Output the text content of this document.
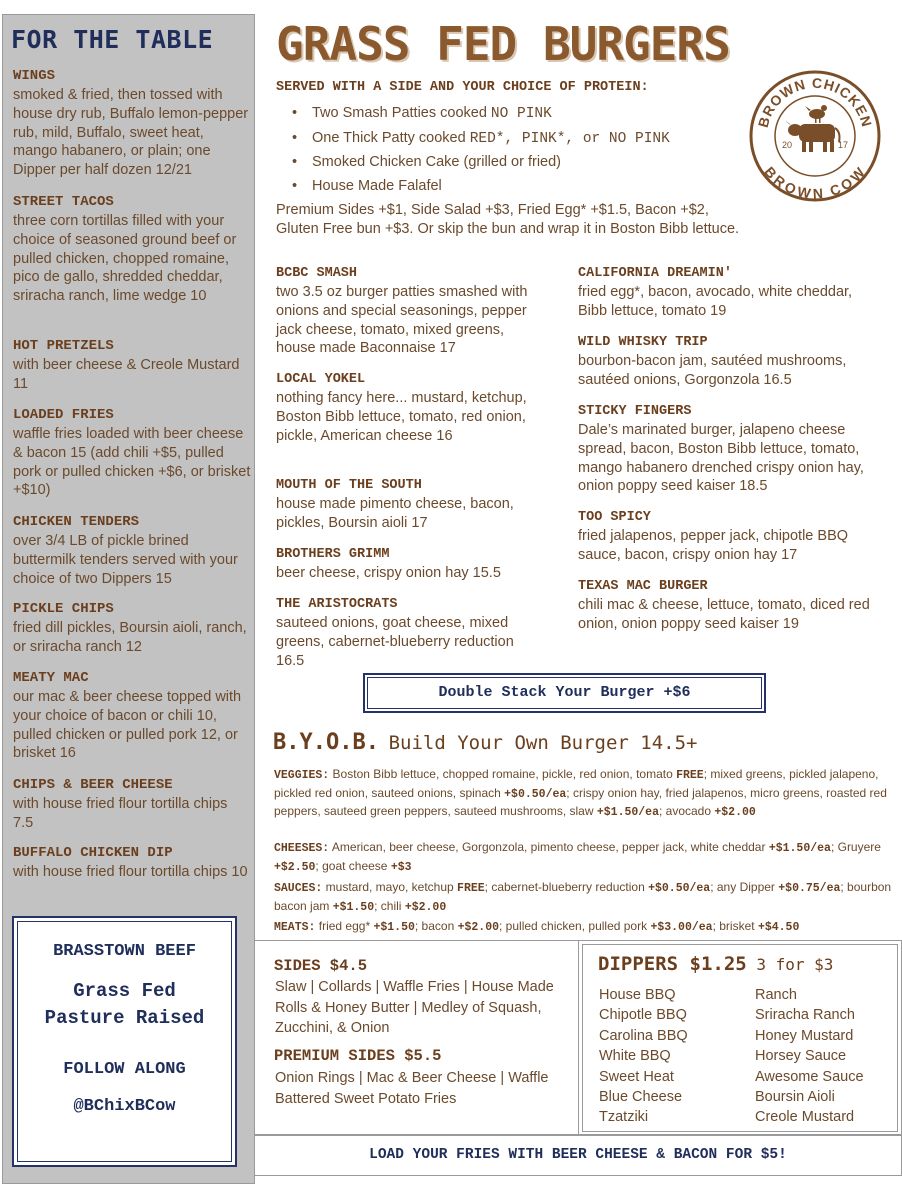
FOR THE TABLE
WINGS
smoked & fried, then tossed with house dry rub, Buffalo lemon-pepper rub, mild, Buffalo, sweet heat, mango habanero, or plain; one Dipper per half dozen 12/21
STREET TACOS
three corn tortillas filled with your choice of seasoned ground beef or pulled chicken, chopped romaine, pico de gallo, shredded cheddar, sriracha ranch, lime wedge 10
HOT PRETZELS
with beer cheese & Creole Mustard 11
LOADED FRIES
waffle fries loaded with beer cheese & bacon 15 (add chili +$5, pulled pork or pulled chicken +$6, or brisket +$10)
CHICKEN TENDERS
over 3/4 LB of pickle brined buttermilk tenders served with your choice of two Dippers 15
PICKLE CHIPS
fried dill pickles, Boursin aioli, ranch, or sriracha ranch 12
MEATY MAC
our mac & beer cheese topped with your choice of bacon or chili 10, pulled chicken or pulled pork 12, or brisket 16
CHIPS & BEER CHEESE
with house fried flour tortilla chips 7.5
BUFFALO CHICKEN DIP
with house fried flour tortilla chips 10
BRASSTOWN BEEF
Grass Fed
Pasture Raised
FOLLOW ALONG
@BChixBCow
GRASS FED BURGERS
SERVED WITH A SIDE AND YOUR CHOICE OF PROTEIN:
• Two Smash Patties cooked NO PINK
• One Thick Patty cooked RED*, PINK*, or NO PINK
• Smoked Chicken Cake (grilled or fried)
• House Made Falafel
Premium Sides +$1, Side Salad +$3, Fried Egg* +$1.5, Bacon +$2, Gluten Free bun +$3. Or skip the bun and wrap it in Boston Bibb lettuce.
BROWN CHICKEN
BROWN COW
20	17
BCBC SMASH
two 3.5 oz burger patties smashed with onions and special seasonings, pepper jack cheese, tomato, mixed greens, house made Baconnaise 17
LOCAL YOKEL
nothing fancy here... mustard, ketchup, Boston Bibb lettuce, tomato, red onion, pickle, American cheese 16
MOUTH OF THE SOUTH
house made pimento cheese, bacon, pickles, Boursin aioli 17
BROTHERS GRIMM
beer cheese, crispy onion hay 15.5
THE ARISTOCRATS
sauteed onions, goat cheese, mixed greens, cabernet-blueberry reduction 16.5
CALIFORNIA DREAMIN'
fried egg*, bacon, avocado, white cheddar, Bibb lettuce, tomato 19
WILD WHISKY TRIP
bourbon-bacon jam, sautéed mushrooms, sautéed onions, Gorgonzola 16.5
STICKY FINGERS
Dale’s marinated burger, jalapeno cheese spread, bacon, Boston Bibb lettuce, tomato, mango habanero drenched crispy onion hay, onion poppy seed kaiser 18.5
TOO SPICY
fried jalapenos, pepper jack, chipotle BBQ sauce, bacon, crispy onion hay 17
TEXAS MAC BURGER
chili mac & cheese, lettuce, tomato, diced red onion, onion poppy seed kaiser 19
Double Stack Your Burger +$6
B.Y.O.B. Build Your Own Burger 14.5+
VEGGIES: Boston Bibb lettuce, chopped romaine, pickle, red onion, tomato FREE; mixed greens, pickled jalapeno, pickled red onion, sauteed onions, spinach +$0.50/ea; crispy onion hay, fried jalapenos, micro greens, roasted red peppers, sauteed green peppers, sauteed mushrooms, slaw +$1.50/ea; avocado +$2.00
CHEESES: American, beer cheese, Gorgonzola, pimento cheese, pepper jack, white cheddar +$1.50/ea; Gruyere +$2.50; goat cheese +$3
SAUCES: mustard, mayo, ketchup FREE; cabernet-blueberry reduction +$0.50/ea; any Dipper +$0.75/ea; bourbon bacon jam +$1.50; chili +$2.00
MEATS: fried egg* +$1.50; bacon +$2.00; pulled chicken, pulled pork +$3.00/ea; brisket +$4.50
SIDES $4.5
Slaw | Collards | Waffle Fries | House Made Rolls & Honey Butter | Medley of Squash, Zucchini, & Onion
PREMIUM SIDES $5.5
Onion Rings | Mac & Beer Cheese | Waffle Battered Sweet Potato Fries
DIPPERS $1.25 3 for $3
House BBQ
Chipotle BBQ
Carolina BBQ
White BBQ
Sweet Heat
Blue Cheese
Tzatziki
Ranch
Sriracha Ranch
Honey Mustard
Horsey Sauce
Awesome Sauce
Boursin Aioli
Creole Mustard
LOAD YOUR FRIES WITH BEER CHEESE & BACON FOR $5!
